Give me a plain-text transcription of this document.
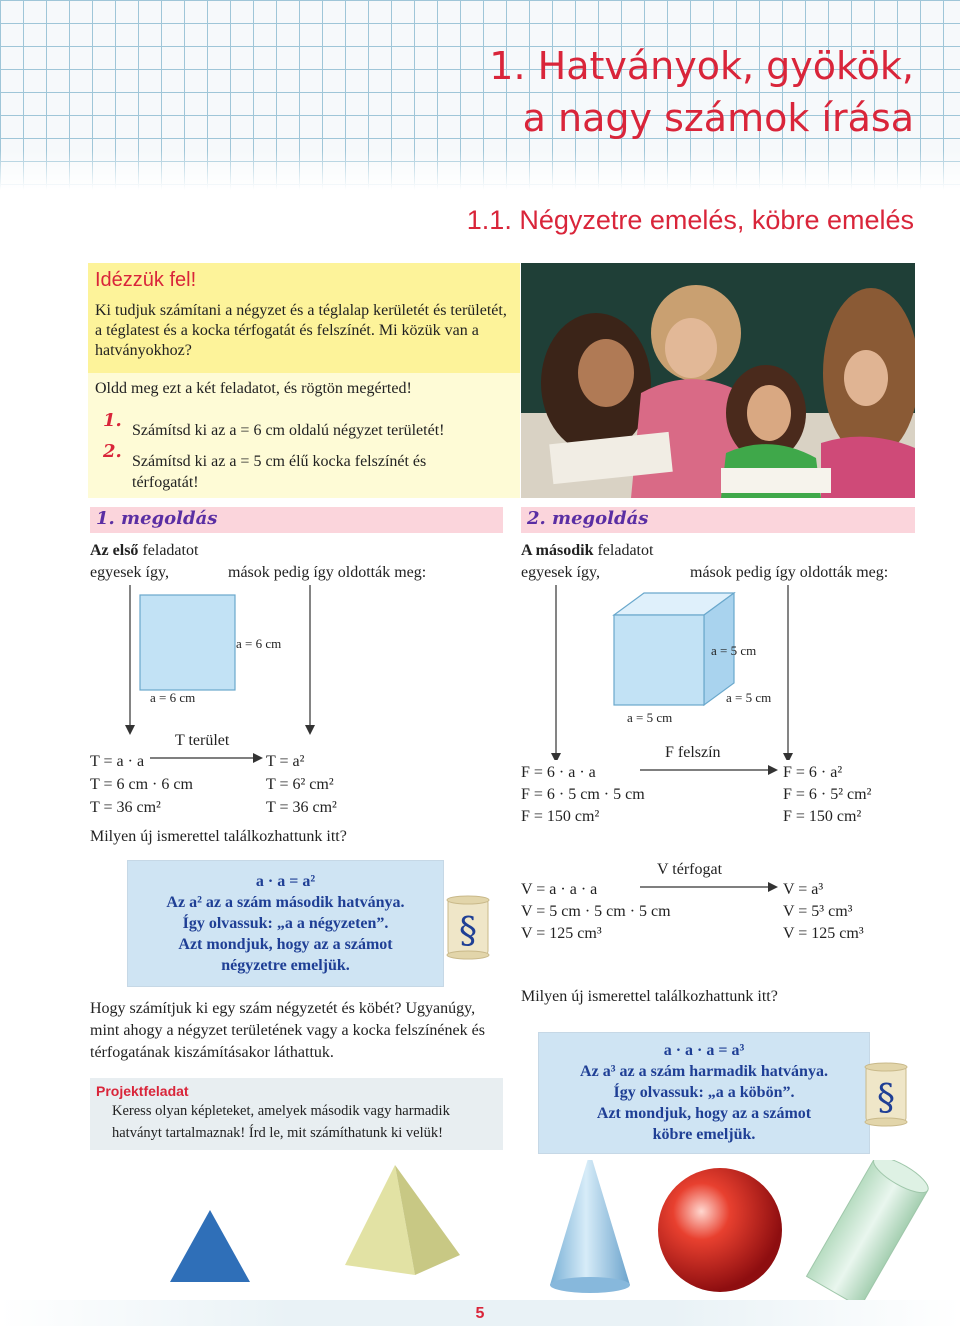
1. Hatványok, gyökök,
a nagy számok írása
1.1. Négyzetre emelés, köbre emelés
Idézzük fel!

Ki tudjuk számítani a négyzet és a téglalap kerületét és területét, a téglatest és a kocka térfogatát és felszínét. Mi közük van a hatványokhoz?

Oldd meg ezt a két feladatot, és rögtön megérted!
1. Számítsd ki az a = 6 cm oldalú négyzet területét!
2. Számítsd ki az a = 5 cm élű kocka felszínét és térfogatát!
1. megoldás
Az első feladatot
egyesek így,	mások pedig így oldották meg:
a = 6 cm
a = 6 cm
T terület
T = a · a
T = 6 cm · 6 cm
T = 36 cm²
T = a²
T = 6² cm²
T = 36 cm²
Milyen új ismerettel találkozhattunk itt?
a · a = a²
Az a² az a szám második hatványa.
Így olvassuk: „a a négyzeten”.
Azt mondjuk, hogy az a számot
négyzetre emeljük.
§
Hogy számítjuk ki egy szám négyzetét és köbét? Ugyanúgy, mint ahogy a négyzet területének vagy a kocka felszínének és térfogatának kiszámításakor láthattuk.
Projektfeladat

Keress olyan képleteket, amelyek második vagy harmadik hatványt tartalmaznak! Írd le, mit számíthatunk ki velük!

2. megoldás
A második feladatot
egyesek így,	mások pedig így oldották meg:
a = 5 cm
a = 5 cm
a = 5 cm
F felszín
F = 6 · a · a
F = 6 · 5 cm · 5 cm
F = 150 cm²
F = 6 · a²
F = 6 · 5² cm²
F = 150 cm²
V térfogat
V = a · a · a
V = 5 cm · 5 cm · 5 cm
V = 125 cm³
V = a³
V = 5³ cm³
V = 125 cm³
Milyen új ismerettel találkozhattunk itt?
a · a · a = a³
Az a³ az a szám harmadik hatványa.
Így olvassuk: „a a köbön”.
Azt mondjuk, hogy az a számot
köbre emeljük.
§
5
